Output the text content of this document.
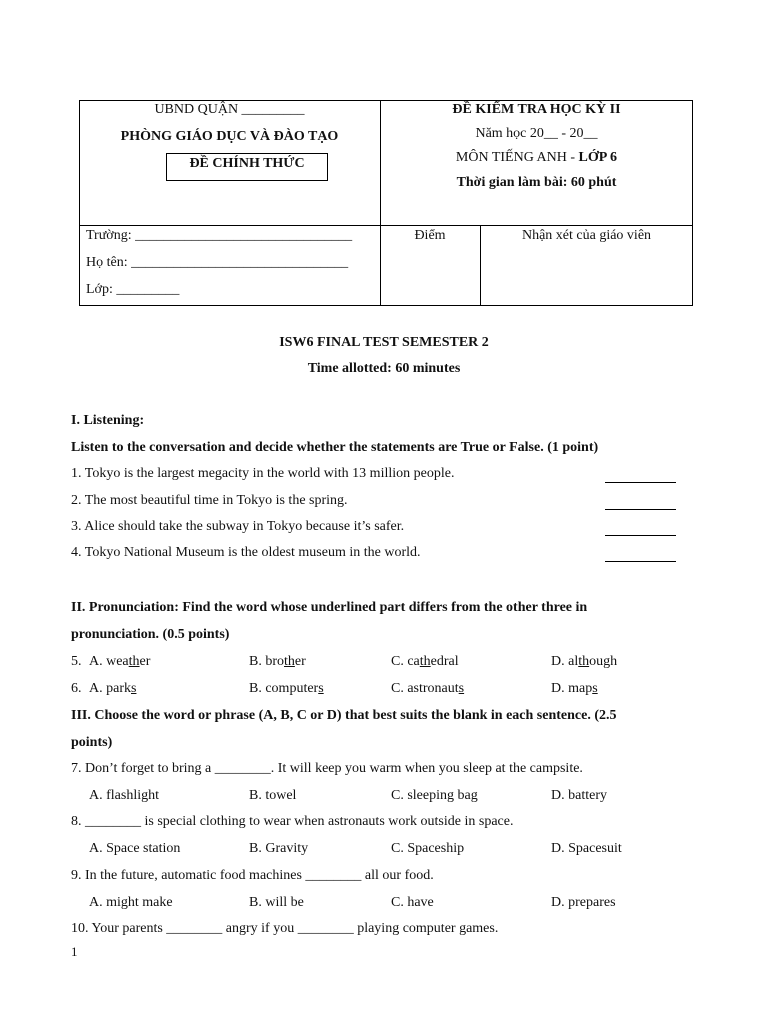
UBND QUẬN _________
PHÒNG GIÁO DỤC VÀ ĐÀO TẠO
ĐỀ CHÍNH THỨC
ĐỀ KIỂM TRA HỌC KỲ II
Năm học 20__ - 20__
MÔN TIẾNG ANH - LỚP 6
Thời gian làm bài: 60 phút
Trường: _______________________________
Họ tên: _______________________________
Lớp: _________
Điểm	Nhận xét của giáo viên
ISW6 FINAL TEST SEMESTER 2
Time allotted: 60 minutes
I. Listening:
Listen to the conversation and decide whether the statements are True or False. (1 point)
1. Tokyo is the largest megacity in the world with 13 million people.
2. The most beautiful time in Tokyo is the spring.
3. Alice should take the subway in Tokyo because it’s safer.
4. Tokyo National Museum is the oldest museum in the world.
II. Pronunciation: Find the word whose underlined part differs from the other three in
pronunciation. (0.5 points)
5. A. weather	B. brother	C. cathedral	D. although
6. A. parks	B. computers	C. astronauts	D. maps
III. Choose the word or phrase (A, B, C or D) that best suits the blank in each sentence. (2.5
points)
7. Don’t forget to bring a ________. It will keep you warm when you sleep at the campsite.
A. flashlight	B. towel	C. sleeping bag	D. battery
8. ________ is special clothing to wear when astronauts work outside in space.
A. Space station	B. Gravity	C. Spaceship	D. Spacesuit
9. In the future, automatic food machines ________ all our food.
A. might make	B. will be	C. have	D. prepares
10. Your parents ________ angry if you ________ playing computer games.
1
